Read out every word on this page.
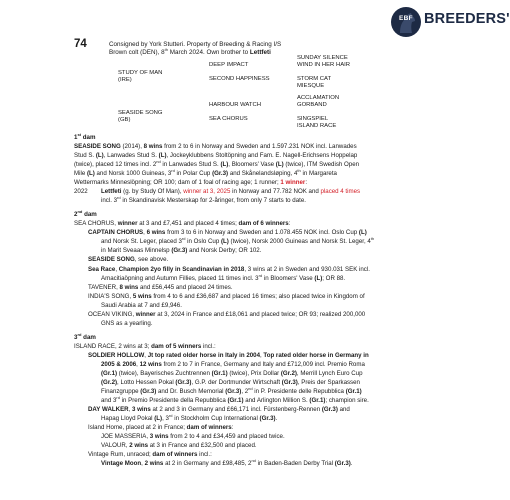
EBF BREEDERS'
74	Consigned by York Stutteri. Property of Breeding & Racing I/S
Brown colt (DEN), 8th March 2024. Own brother to Lettfeti
STUDY OF MAN
(IRE)
DEEP IMPACT
SECOND HAPPINESS
SUNDAY SILENCE
WIND IN HER HAIR
STORM CAT
MIESQUE
SEASIDE SONG
(GB)
HARBOUR WATCH
SEA CHORUS
ACCLAMATION
GORBAND
SINGSPIEL
ISLAND RACE
1st dam
SEASIDE SONG (2014), 8 wins from 2 to 6 in Norway and Sweden and 1.597.231 NOK incl. Lanwades
Stud S. (L), Lanwades Stud S. (L), Jockeyklubbens Stoltöpning and Fam. E. Nagell-Erichsens Hoppelap
(twice), placed 12 times incl. 2nd in Lanwades Stud S. (L), Bloomers' Vase (L) (twice), ITM Swedish Open
Mile (L) and Norsk 1000 Guineas, 3rd in Polar Cup (Gr.3) and Skånelandsløping, 4th in Margareta
Wettermarks Minneslöpning; OR 100; dam of 1 foal of racing age; 1 runner; 1 winner:
2022 Lettfeti (g. by Study Of Man), winner at 3, 2025 in Norway and 77.782 NOK and placed 4 times
incl. 3rd in Skandinavisk Mesterskap for 2-åringer, from only 7 starts to date.
2nd dam
SEA CHORUS, winner at 3 and £7,451 and placed 4 times; dam of 6 winners:
CAPTAIN CHORUS, 6 wins from 3 to 6 in Norway and Sweden and 1.078.455 NOK incl. Oslo Cup (L)
and Norsk St. Leger, placed 3rd in Oslo Cup (L) (twice), Norsk 2000 Guineas and Norsk St. Leger, 4th
in Marit Sveaas Minnelsp (Gr.3) and Norsk Derby; OR 102.
SEASIDE SONG, see above.
Sea Race, Champion 2yo filly in Scandinavian in 2018, 3 wins at 2 in Sweden and 930.031 SEK incl.
Amacitiaöpning and Autumn Fillies, placed 11 times incl. 3rd in Bloomers' Vase (L); OR 88.
TAVENER, 8 wins and £56,445 and placed 24 times.
INDIA'S SONG, 5 wins from 4 to 6 and £36,687 and placed 16 times; also placed twice in Kingdom of
Saudi Arabia at 7 and £9,946.
OCEAN VIKING, winner at 3, 2024 in France and £18,061 and placed twice; OR 93; realized 200,000
GNS as a yearling.
3rd dam
ISLAND RACE, 2 wins at 3; dam of 5 winners incl.:
SOLDIER HOLLOW, Jt top rated older horse in Italy in 2004, Top rated older horse in Germany in
2005 & 2006, 12 wins from 2 to 7 in France, Germany and Italy and £712,009 incl. Premio Roma
(Gr.1) (twice), Bayerisches Zuchtrennen (Gr.1) (twice), Prix Dollar (Gr.2), Merrill Lynch Euro Cup
(Gr.2), Lotto Hessen Pokal (Gr.3), G.P. der Dortmunder Wirtschaft (Gr.3), Preis der Sparkassen
Finanzgruppe (Gr.3) and Dr. Busch Memorial (Gr.3), 2nd in P. Presidente delle Repubblica (Gr.1)
and 3rd in Premio Presidente della Repubblica (Gr.1) and Arlington Million S. (Gr.1); champion sire.
DAY WALKER, 3 wins at 2 and 3 in Germany and £66,171 incl. Fürstenberg-Rennen (Gr.3) and
Hapag Lloyd Pokal (L), 3rd in Stockholm Cup International (Gr.3).
Island Home, placed at 2 in France; dam of winners:
JOE MASSERIA, 3 wins from 2 to 4 and £34,459 and placed twice.
VALOUR, 2 wins at 3 in France and £32,500 and placed.
Vintage Rum, unraced; dam of winners incl.:
Vintage Moon, 2 wins at 2 in Germany and £98,485, 2nd in Baden-Baden Derby Trial (Gr.3).
